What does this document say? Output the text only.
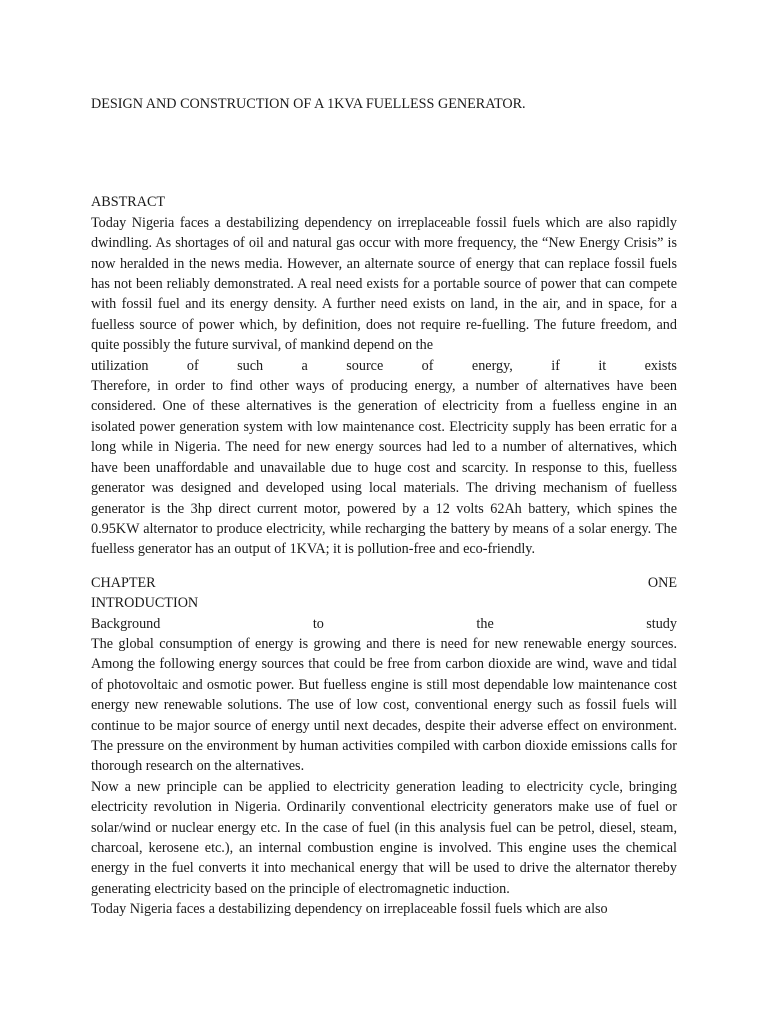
DESIGN AND CONSTRUCTION OF A 1KVA FUELLESS GENERATOR.
ABSTRACT

Today Nigeria faces a destabilizing dependency on irreplaceable fossil fuels which are also rapidly dwindling. As shortages of oil and natural gas occur with more frequency, the “New Energy Crisis” is now heralded in the news media. However, an alternate source of energy that can replace fossil fuels has not been reliably demonstrated. A real need exists for a portable source of power that can compete with fossil fuel and its energy density. A further need exists on land, in the air, and in space, for a fuelless source of power which, by definition, does not require re-fuelling. The future freedom, and quite possibly the future survival, of mankind depend on the

utilization	of	such	a	source	of	energy,	if	it	exists

Therefore, in order to find other ways of producing energy, a number of alternatives have been considered. One of these alternatives is the generation of electricity from a fuelless engine in an isolated power generation system with low maintenance cost. Electricity supply has been erratic for a long while in Nigeria. The need for new energy sources had led to a number of alternatives, which have been unaffordable and unavailable due to huge cost and scarcity. In response to this, fuelless generator was designed and developed using local materials. The driving mechanism of fuelless generator is the 3hp direct current motor, powered by a 12 volts 62Ah battery, which spines the 0.95KW alternator to produce electricity, while recharging the battery by means of a solar energy. The fuelless generator has an output of 1KVA; it is pollution-free and eco-friendly.

CHAPTER	ONE
INTRODUCTION
Background	to	the	study

The global consumption of energy is growing and there is need for new renewable energy sources. Among the following energy sources that could be free from carbon dioxide are wind, wave and tidal of photovoltaic and osmotic power. But fuelless engine is still most dependable low maintenance cost energy new renewable solutions. The use of low cost, conventional energy such as fossil fuels will continue to be major source of energy until next decades, despite their adverse effect on environment. The pressure on the environment by human activities compiled with carbon dioxide emissions calls for thorough research on the alternatives.

Now a new principle can be applied to electricity generation leading to electricity cycle, bringing electricity revolution in Nigeria. Ordinarily conventional electricity generators make use of fuel or solar/wind or nuclear energy etc. In the case of fuel (in this analysis fuel can be petrol, diesel, steam, charcoal, kerosene etc.), an internal combustion engine is involved. This engine uses the chemical energy in the fuel converts it into mechanical energy that will be used to drive the alternator thereby generating electricity based on the principle of electromagnetic induction.

Today Nigeria faces a destabilizing dependency on irreplaceable fossil fuels which are also
